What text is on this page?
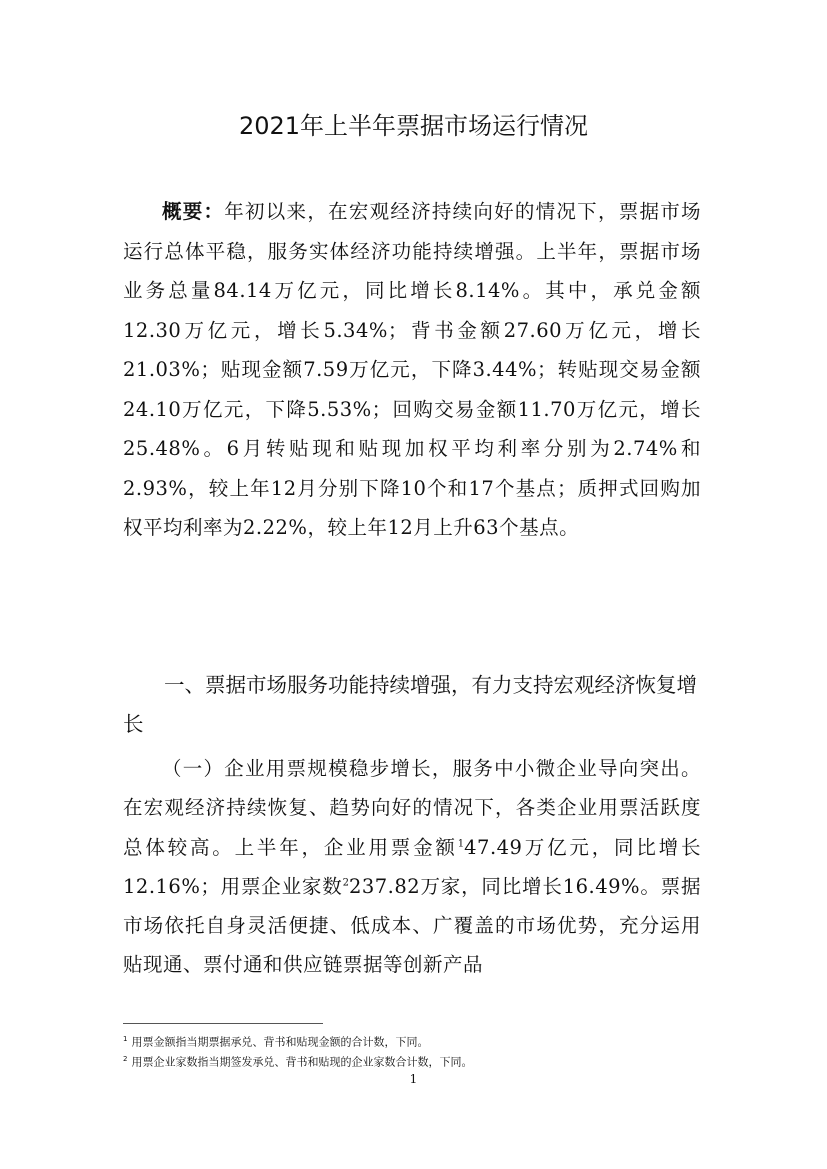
2021年上半年票据市场运行情况

概要：年初以来，在宏观经济持续向好的情况下，票据市场运行总体平稳，服务实体经济功能持续增强。上半年，票据市场业务总量84.14万亿元，同比增长8.14%。其中，承兑金额12.30万亿元，增长5.34%；背书金额27.60万亿元，增长21.03%；贴现金额7.59万亿元，下降3.44%；转贴现交易金额24.10万亿元，下降5.53%；回购交易金额11.70万亿元，增长25.48%。6月转贴现和贴现加权平均利率分别为2.74%和2.93%，较上年12月分别下降10个和17个基点；质押式回购加权平均利率为2.22%，较上年12月上升63个基点。

一、票据市场服务功能持续增强，有力支持宏观经济恢复增长

（一）企业用票规模稳步增长，服务中小微企业导向突出。在宏观经济持续恢复、趋势向好的情况下，各类企业用票活跃度总体较高。上半年，企业用票金额$^1$47.49万亿元，同比增长12.16%；用票企业家数$^2$237.82万家，同比增长16.49%。票据市场依托自身灵活便捷、低成本、广覆盖的市场优势，充分运用贴现通、票付通和供应链票据等创新产品

$^1$ 用票金额指当期票据承兑、背书和贴现金额的合计数，下同。

$^2$ 用票企业家数指当期签发承兑、背书和贴现的企业家数合计数，下同。

1
